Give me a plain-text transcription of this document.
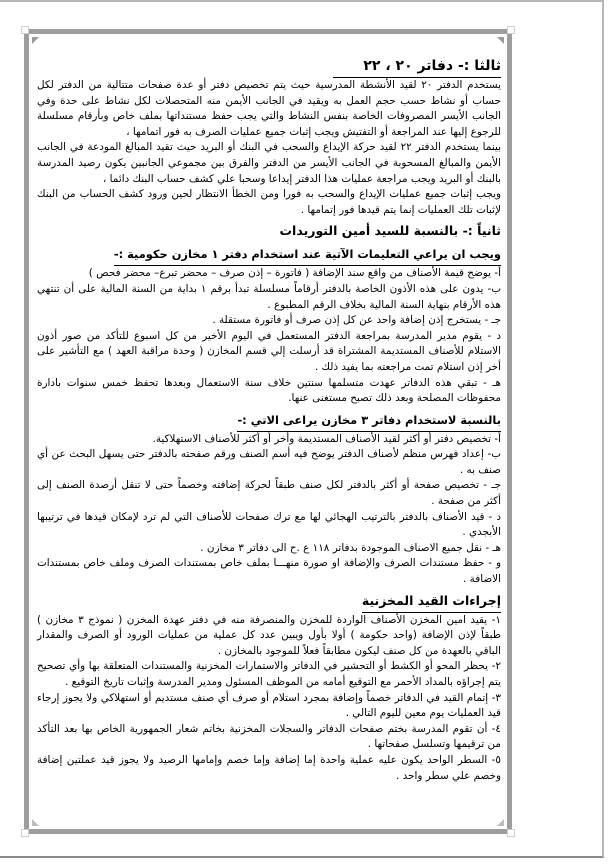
ثالثا :- دفاتر ٢٠ ، ٢٢

يستخدم الدفتر ٢٠ لقيد الأنشطة المدرسية حيث يتم تخصيص دفتر أو عدة صفحات متتالية من الدفتر لكل حساب أو نشاط حسب حجم العمل به ويقيد في الجانب الأيمن منه المتحصلات لكل نشاط على حدة وفي الجانب الأيسر المصروفات الخاصة بنفس النشاط والتي يجب حفظ مستنداتها بملف خاص وبأرقام مسلسلة للرجوع إليها عند المراجعة أو التفتيش ويجب إثبات جميع عمليات الصرف به فور اتمامها ،

بينما يستخدم الدفتر ٢٢ لقيد حركة الإيداع والسحب في البنك أو البريد حيث تقيد المبالغ المودعة في الجانب الأيمن والمبالغ المسحوبة في الجانب الأيسر من الدفتر والفرق بين مجموعي الجانبين يكون رصيد المدرسة بالبنك أو البريد ويجب مراجعة عمليات هذا الدفتر إيداعا وسحبا علي كشف حساب البنك دائما ،

ويجب إثبات جميع عمليات الإيداع والسحب به فورا ومن الخطأ الانتظار لحين ورود كشف الحساب من البنك لإثبات تلك العمليات إنما يتم قيدها فور إتمامها .

ثانياً :- بالنسبة للسيد أمين التوريدات
ويجب ان يراعي التعليمات الآتية عند استخدام دفتر ١ مخازن حكومية :-

أ- يوضح قيمة الأصناف من واقع سند الإضافة ( فاتورة – إذن صرف – محضر تبرع– محضر فحص )

ب- يدون على هذه الأذون الخاصة بالدفتر أرقاماً مسلسلة تبدأ برقم ١ بداية من السنة المالية على أن تنتهي هذه الأرقام بنهاية السنة المالية بخلاف الرقم المطبوع .

جـ - يستخرج إذن إضافة واحد عن كل إذن صرف أو فاتورة مستقلة .

د - يقوم مدير المدرسة بمراجعة الدفتر المستعمل في اليوم الأخير من كل اسبوع للتأكد من صور أذون الاستلام للأصناف المستديمة المشتراة قد أرسلت إلي قسم المخازن ( وحدة مراقبة العهد ) مع التأشير على أخر إذن استلام تمت مراجعته بما يفيد ذلك .

هـ - تبقي هذه الدفاتر عهدت متسلمها سنتين خلاف سنة الاستعمال وبعدها تحفظ خمس سنوات بادارة محفوظات المصلحة وبعد ذلك تصبح مستغنى عنها.

بالنسبة لاستخدام دفاتر ٣ مخازن يراعى الاتي :-

أ- تخصيص دفتر أو أكثر لقيد الأصناف المستديمة وأخر أو أكثر للأصناف الاستهلاكية.

ب- إعداد فهرس منظم لأصناف الدفتر يوضح فيه أسم الصنف ورقم صفحته بالدفتر حتى يسهل البحث عن أي صنف به .

جـ - تخصيص صفحة أو أكثر بالدفتر لكل صنف طبقاً لحركة إضافته وخصماً حتى لا تنقل أرصدة الصنف إلى أكثر من صفحة .

د - قيد الأصناف بالدفتر بالترتيب الهجائي لها مع ترك صفحات للأصناف التي لم ترد لإمكان قيدها في ترتيبها الأبجدي .

هـ - نقل جميع الاصناف الموجودة بدفاتر ١١٨ ع .ح الى دفاتر ٣ مخازن .

و - حفظ مستندات الصرف والإضافة او صورة منهـــا بملف خاص بمستندات الصرف وملف خاص بمستندات الاضافة .

إجراءات القيد المخزنية

١- يقيد امين المخزن الأصناف الواردة للمخزن والمنصرفة منه في دفتر عهدة المخزن ( نموذج ٣ مخازن ) طبقاً لإذن الإضافة (واحد حكومة ) أولا بأول ويبين عدد كل عملية من عمليات الورود أو الصرف والمقدار الباقي بالعهدة من كل صنف ليكون مطابقاً فعلاً للموجود بالمخازن .

٢- يحظر المحو أو الكشط أو التحشير في الدفاتر والاستمارات المخزنية والمستندات المتعلقة بها وأي تصحيح يتم إجراؤه بالمداد الأحمر مع التوقيع أمامه من الموظف المسئول ومدير المدرسة وإثبات تاريخ التوقيع .

٣- إتمام القيد في الدفاتر خصماً وإضافة بمجرد استلام أو صرف أي صنف مستديم أو استهلاكي ولا يجوز إرجاء قيد العمليات يوم معين لليوم التالي .

٤- أن تقوم المدرسة بختم صفحات الدفاتر والسجلات المخزنية بخاتم شعار الجمهورية الخاص بها بعد التأكد من ترقيمها وتسلسل صفحاتها .

٥- السطر الواحد يكون عليه عملية واحدة إما إضافة وإما خصم وإمامها الرصيد ولا يجوز قيد عملتين إضافة وخصم علي سطر واحد .
